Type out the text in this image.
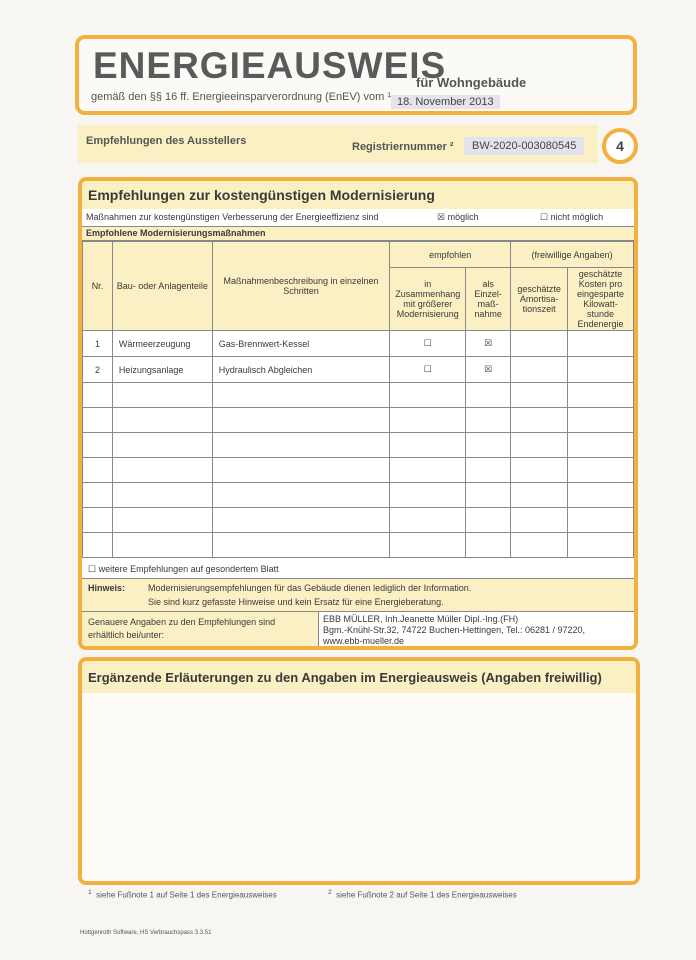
ENERGIEAUSWEIS
für Wohngebäude
gemäß den §§ 16 ff. Energieeinsparverordnung (EnEV) vom ¹ 18. November 2013
Empfehlungen des Ausstellers	Registriernummer ²	BW-2020-003080545	4
Empfehlungen zur kostengünstigen Modernisierung
Maßnahmen zur kostengünstigen Verbesserung der Energieeffizienz sind	☒ möglich	☐ nicht möglich
Empfohlene Modernisierungsmaßnahmen
Nr.	Bau- oder Anlagenteile	Maßnahmenbeschreibung in einzelnen Schritten	empfohlen		(freiwillige Angaben)	
			in Zusammenhang mit größerer Modernisierung	als Einzel-maß-nahme	geschätzte Amortisa-tionszeit	geschätzte Kosten pro eingesparte Kilowatt-stunde Endenergie
1	Wärmeerzeugung	Gas-Brennwert-Kessel	☐	☒		
2	Heizungsanlage	Hydraulisch Abgleichen	☐	☒		

☐ weitere Empfehlungen auf gesondertem Blatt
Hinweis:	Modernisierungsempfehlungen für das Gebäude dienen lediglich der Information.
Sie sind kurz gefasste Hinweise und kein Ersatz für eine Energieberatung.
Genauere Angaben zu den Empfehlungen sind erhältlich bei/unter:
EBB MÜLLER, Inh.Jeanette Müller Dipl.-Ing.(FH)
Bgm.-Knühl-Str.32, 74722 Buchen-Hettingen, Tel.: 06281 / 97220,
www.ebb-mueller.de
Ergänzende Erläuterungen zu den Angaben im Energieausweis (Angaben freiwillig)
$^1$ siehe Fußnote 1 auf Seite 1 des Energieausweises	$^2$ siehe Fußnote 2 auf Seite 1 des Energieausweises
Hottgenroth Software, HS Verbrauchspass 3.3.51
